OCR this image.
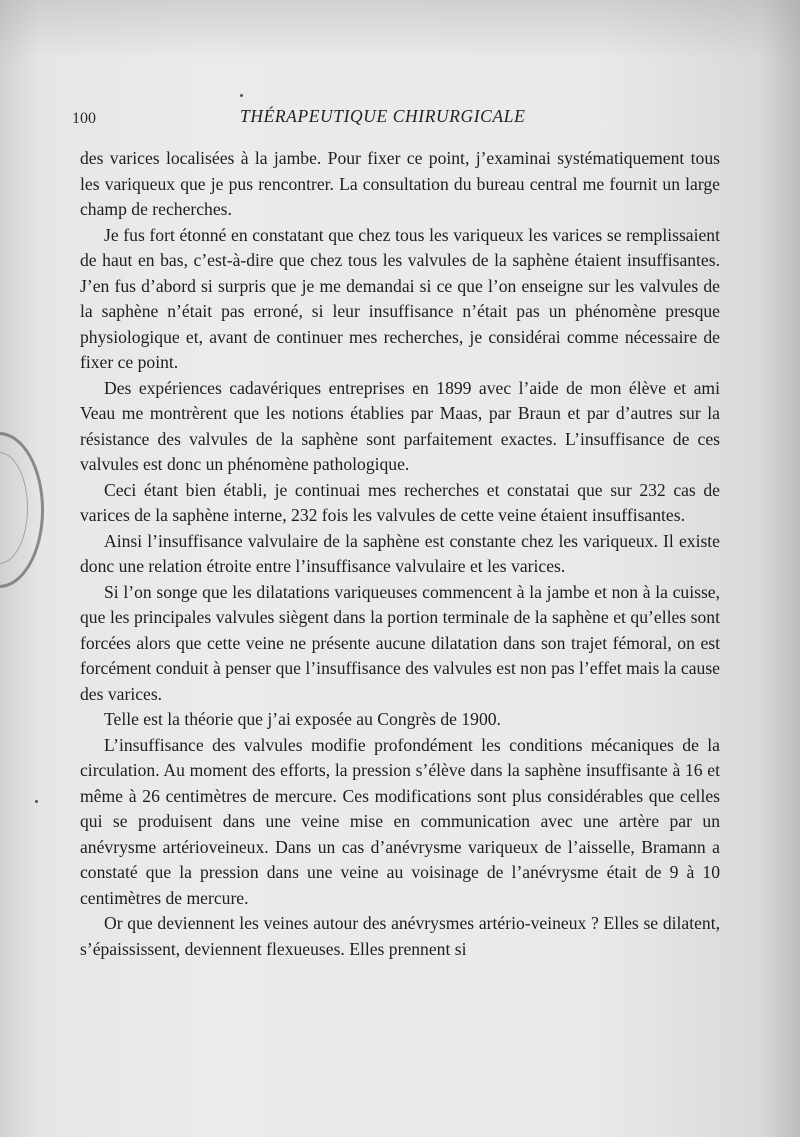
100	THÉRAPEUTIQUE CHIRURGICALE

des varices localisées à la jambe. Pour fixer ce point, j’examinai systématiquement tous les variqueux que je pus rencontrer. La consultation du bureau central me fournit un large champ de recherches.

Je fus fort étonné en constatant que chez tous les variqueux les varices se remplissaient de haut en bas, c’est-à-dire que chez tous les valvules de la saphène étaient insuffisantes. J’en fus d’abord si surpris que je me demandai si ce que l’on enseigne sur les valvules de la saphène n’était pas erroné, si leur insuffisance n’était pas un phénomène presque physiologique et, avant de continuer mes recherches, je considérai comme nécessaire de fixer ce point.

Des expériences cadavériques entreprises en 1899 avec l’aide de mon élève et ami Veau me montrèrent que les notions établies par Maas, par Braun et par d’autres sur la résistance des valvules de la saphène sont parfaitement exactes. L’insuffisance de ces valvules est donc un phénomène pathologique.

Ceci étant bien établi, je continuai mes recherches et constatai que sur 232 cas de varices de la saphène interne, 232 fois les valvules de cette veine étaient insuffisantes.

Ainsi l’insuffisance valvulaire de la saphène est constante chez les variqueux. Il existe donc une relation étroite entre l’insuffisance valvulaire et les varices.

Si l’on songe que les dilatations variqueuses commencent à la jambe et non à la cuisse, que les principales valvules siègent dans la portion terminale de la saphène et qu’elles sont forcées alors que cette veine ne présente aucune dilatation dans son trajet fémoral, on est forcément conduit à penser que l’insuffisance des valvules est non pas l’effet mais la cause des varices.

Telle est la théorie que j’ai exposée au Congrès de 1900.

L’insuffisance des valvules modifie profondément les conditions mécaniques de la circulation. Au moment des efforts, la pression s’élève dans la saphène insuffisante à 16 et même à 26 centimètres de mercure. Ces modifications sont plus considérables que celles qui se produisent dans une veine mise en communication avec une artère par un anévrysme artérioveineux. Dans un cas d’anévrysme variqueux de l’aisselle, Bramann a constaté que la pression dans une veine au voisinage de l’anévrysme était de 9 à 10 centimètres de mercure.

Or que deviennent les veines autour des anévrysmes artério-veineux ? Elles se dilatent, s’épaississent, deviennent flexueuses. Elles prennent si
